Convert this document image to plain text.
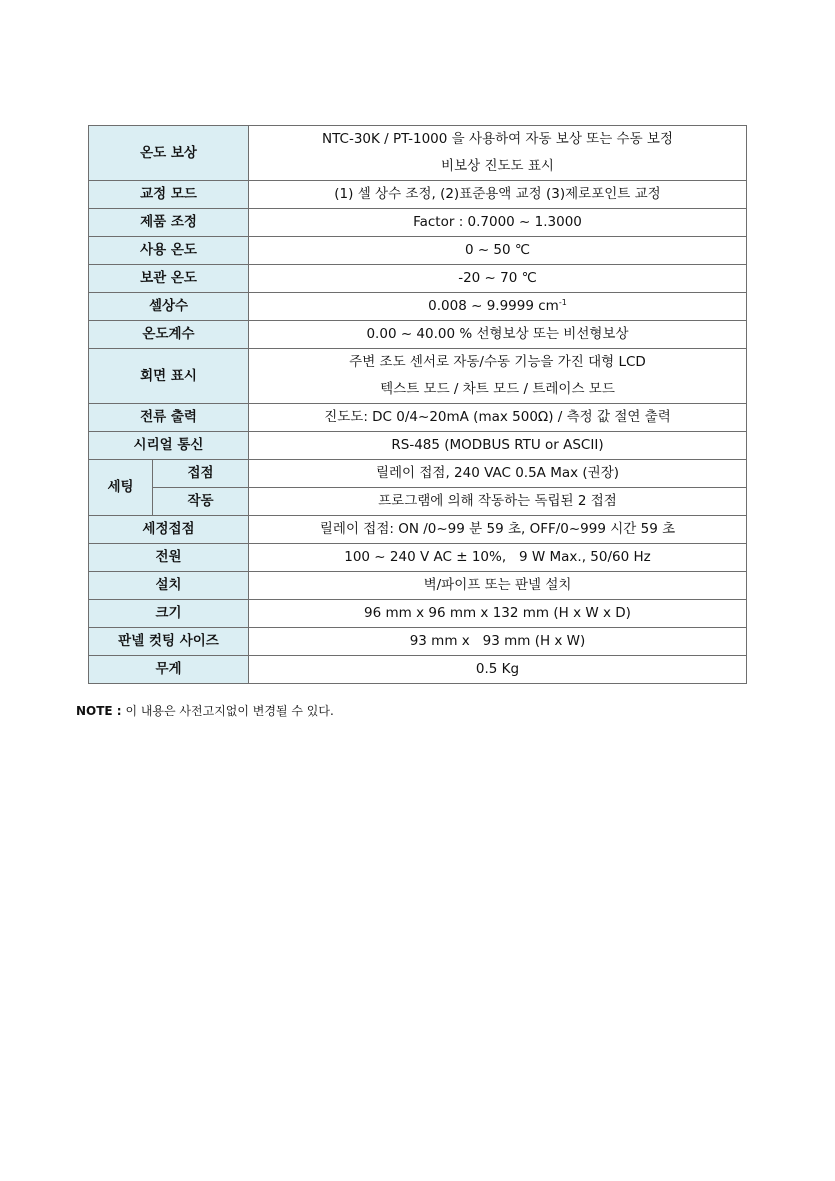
온도 보상		NTC-30K / PT-1000 을 사용하여 자동 보상 또는 수동 보정
비보상 진도도 표시

교정 모드		(1) 셀 상수 조정, (2)표준용액 교정 (3)제로포인트 교정
제품 조정		Factor : 0.7000 ~ 1.3000
사용 온도		0 ~ 50 ℃
보관 온도		-20 ~ 70 ℃
셀상수		0.008 ~ 9.9999 $cm^{-1}$
온도계수		0.00 ~ 40.00 % 선형보상 또는 비선형보상
회면 표시		주변 조도 센서로 자동/수동 기능을 가진 대형 LCD
텍스트 모드 / 차트 모드 / 트레이스 모드

전류 출력		진도도: DC 0/4~20mA (max 500Ω) / 측정 값 절연 출력
시리얼 통신		RS-485 (MODBUS RTU or ASCII)
세팅	접점	릴레이 접점, 240 VAC 0.5A Max (권장)
	작동	프로그램에 의해 작동하는 독립된 2 접점
세정접점		릴레이 접점: ON /0~99 분 59 초, OFF/0~999 시간 59 초
전원		100 ~ 240 V AC ± 10%,   9 W Max., 50/60 Hz
설치		벽/파이프 또는 판넬 설치
크기		96 mm x 96 mm x 132 mm (H x W x D)
판넬 컷팅 사이즈		93 mm x   93 mm (H x W)
무게		0.5 Kg
NOTE : 이 내용은 사전고지없이 변경될 수 있다.
